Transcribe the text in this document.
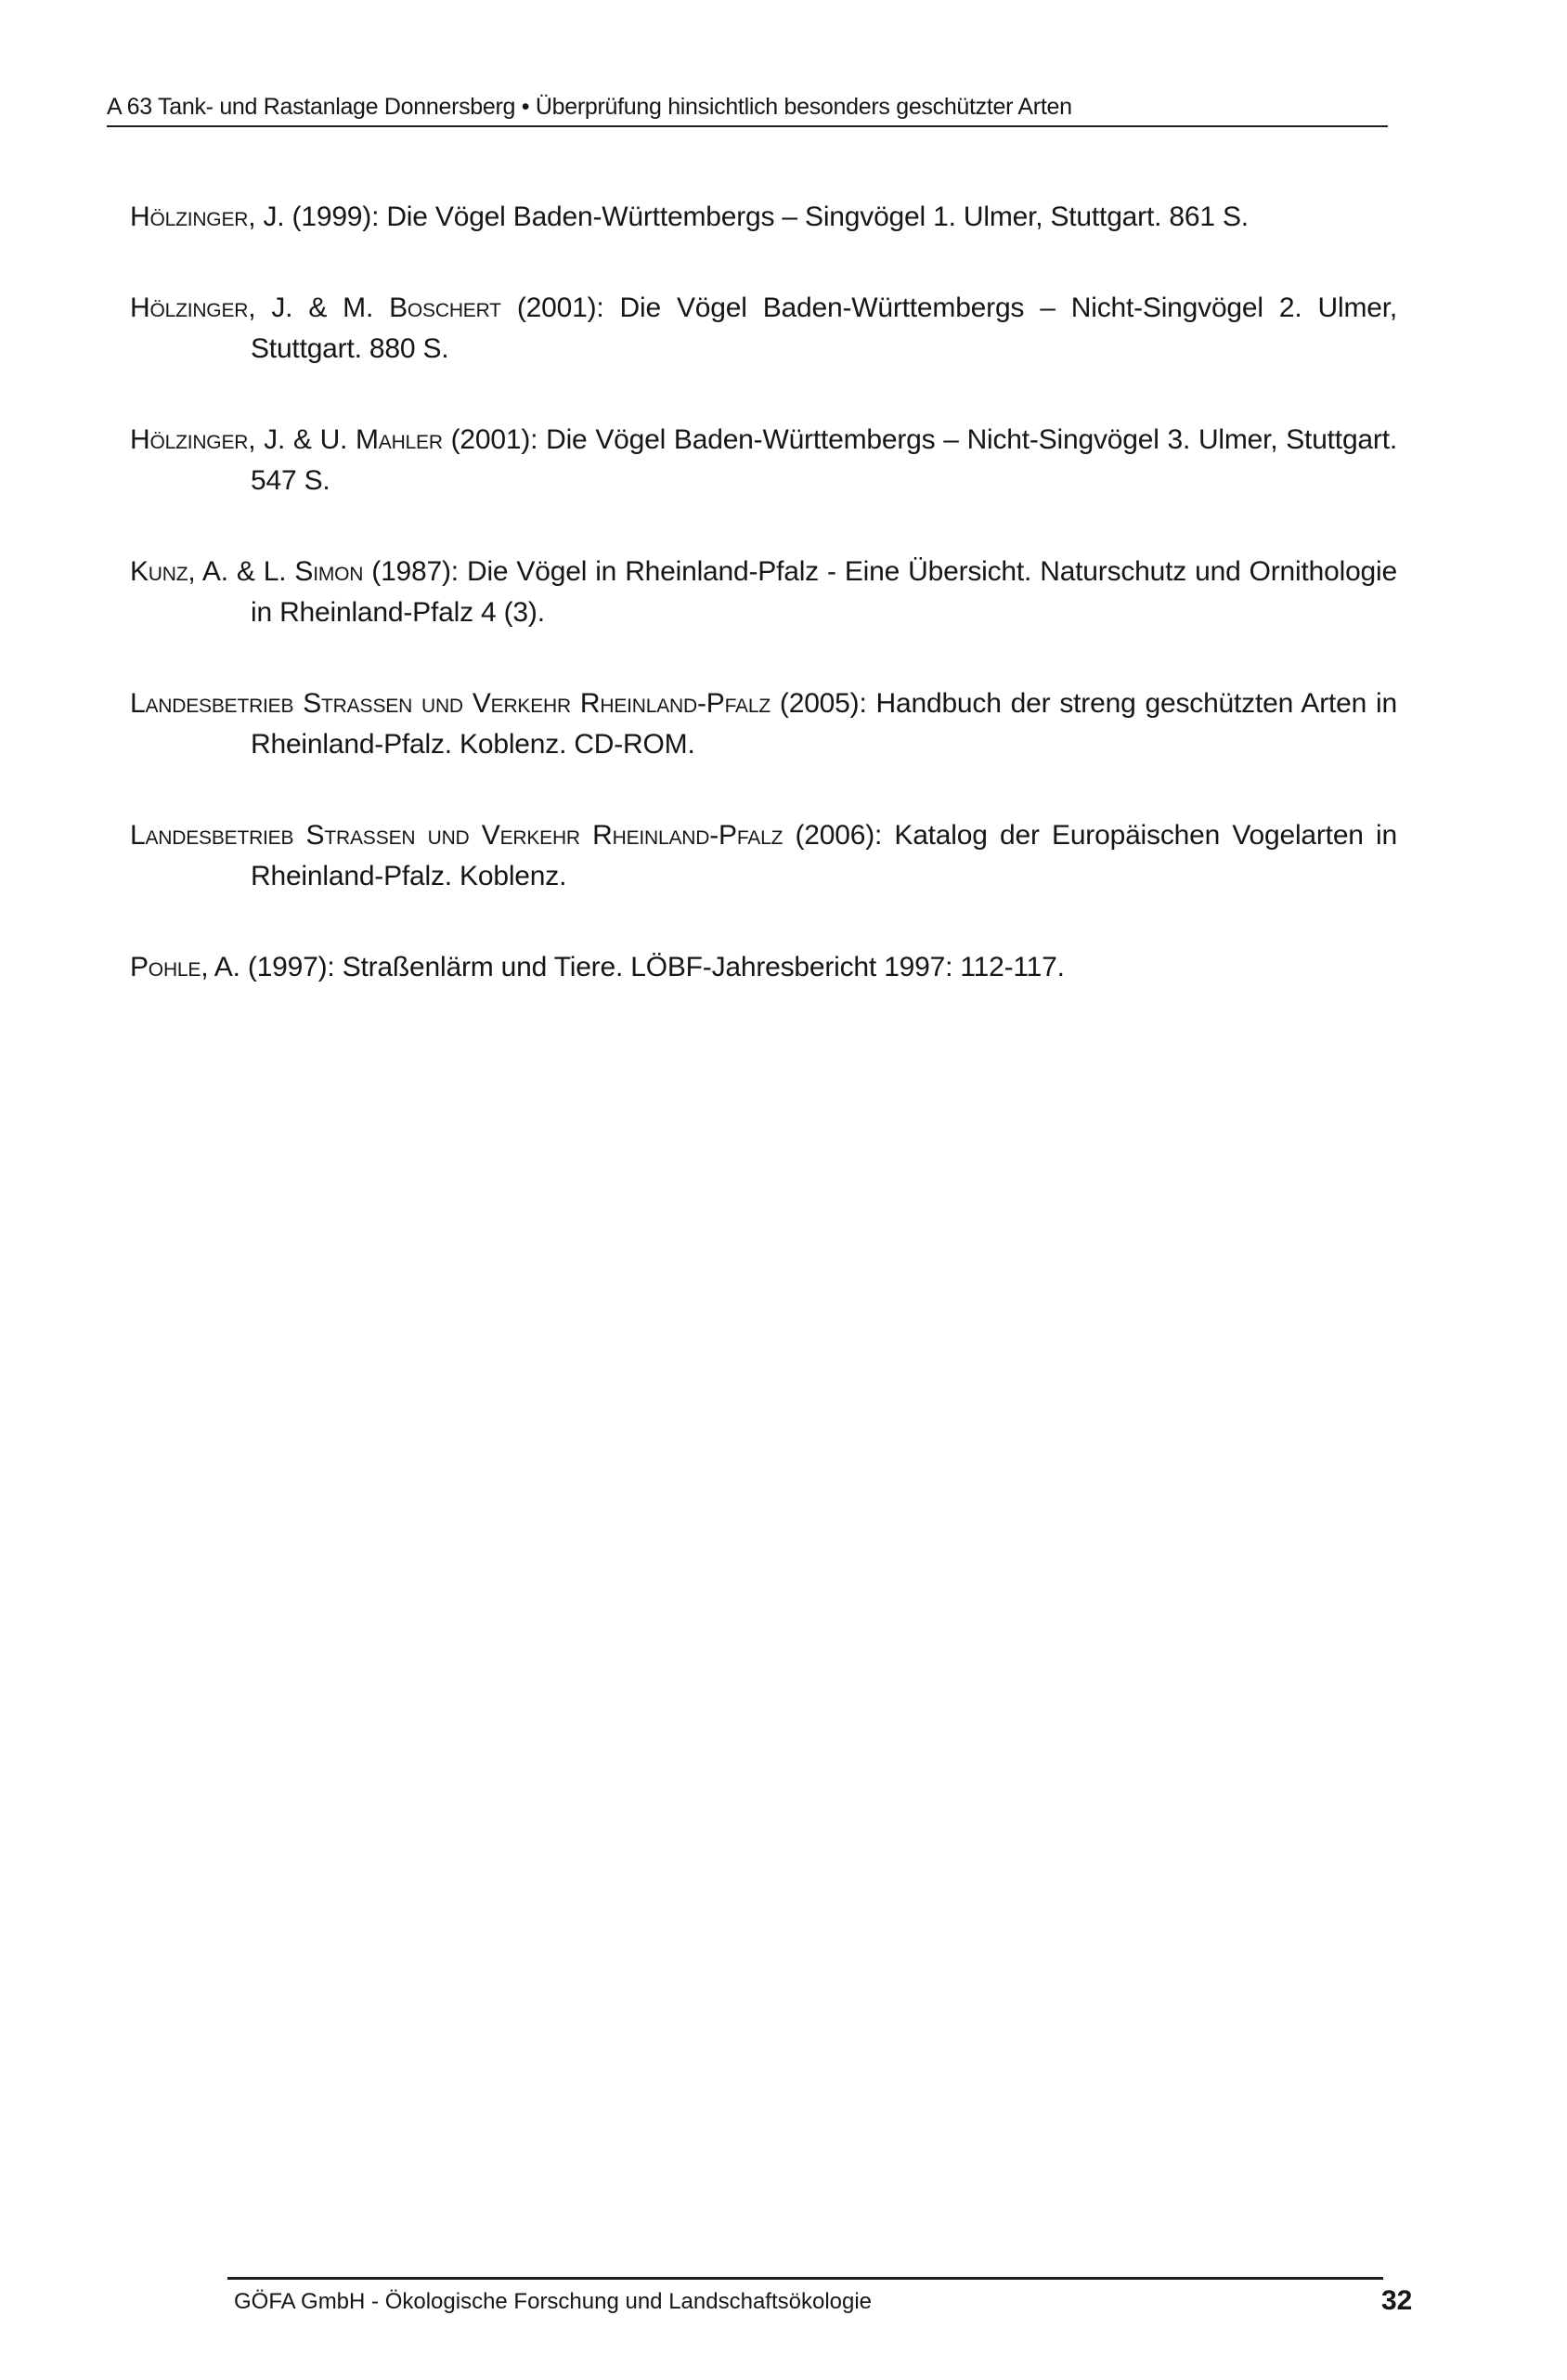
A 63 Tank- und Rastanlage Donnersberg • Überprüfung hinsichtlich besonders geschützter Arten

Hölzinger, J. (1999): Die Vögel Baden-Württembergs – Singvögel 1. Ulmer, Stuttgart. 861 S.

Hölzinger, J. & M. Boschert (2001): Die Vögel Baden-Württembergs – Nicht-Singvögel 2. Ulmer, Stuttgart. 880 S.

Hölzinger, J. & U. Mahler (2001): Die Vögel Baden-Württembergs – Nicht-Singvögel 3. Ulmer, Stuttgart. 547 S.

Kunz, A. & L. Simon (1987): Die Vögel in Rheinland-Pfalz - Eine Übersicht. Naturschutz und Ornithologie in Rheinland-Pfalz 4 (3).

Landesbetrieb Straßen und Verkehr Rheinland-Pfalz (2005): Handbuch der streng geschützten Arten in Rheinland-Pfalz. Koblenz. CD-ROM.

Landesbetrieb Straßen und Verkehr Rheinland-Pfalz (2006): Katalog der Europäischen Vogelarten in Rheinland-Pfalz. Koblenz.

Pohle, A. (1997): Straßenlärm und Tiere. LÖBF-Jahresbericht 1997: 112-117.

GÖFA GmbH - Ökologische Forschung und Landschaftsökologie	32
